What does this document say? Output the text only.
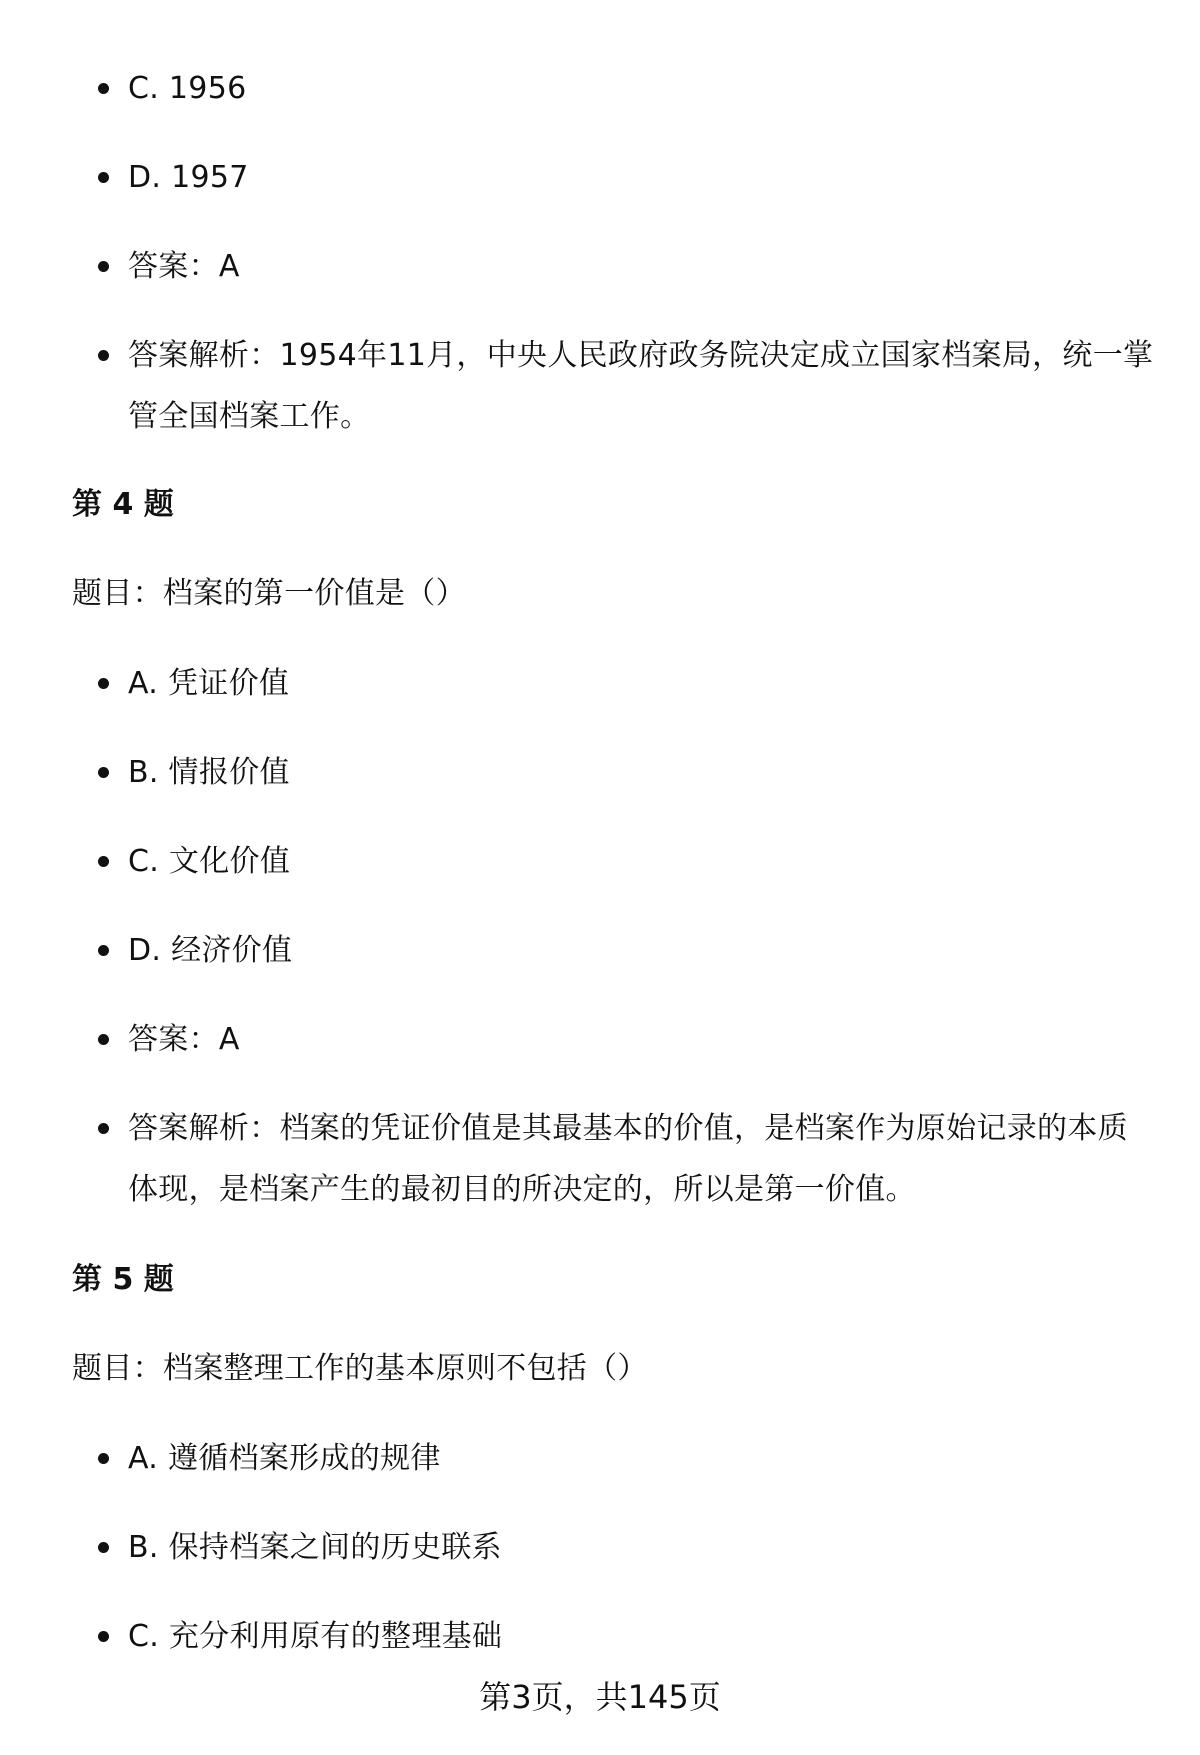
C. 1956
D. 1957
答案：A
答案解析：1954年11月，中央人民政府政务院决定成立国家档案局，统一掌管全国档案工作。
第 4 题
题目：档案的第一价值是（）
A. 凭证价值
B. 情报价值
C. 文化价值
D. 经济价值
答案：A
答案解析：档案的凭证价值是其最基本的价值，是档案作为原始记录的本质体现，是档案产生的最初目的所决定的，所以是第一价值。
第 5 题
题目：档案整理工作的基本原则不包括（）
A. 遵循档案形成的规律
B. 保持档案之间的历史联系
C. 充分利用原有的整理基础
第3页，共145页
